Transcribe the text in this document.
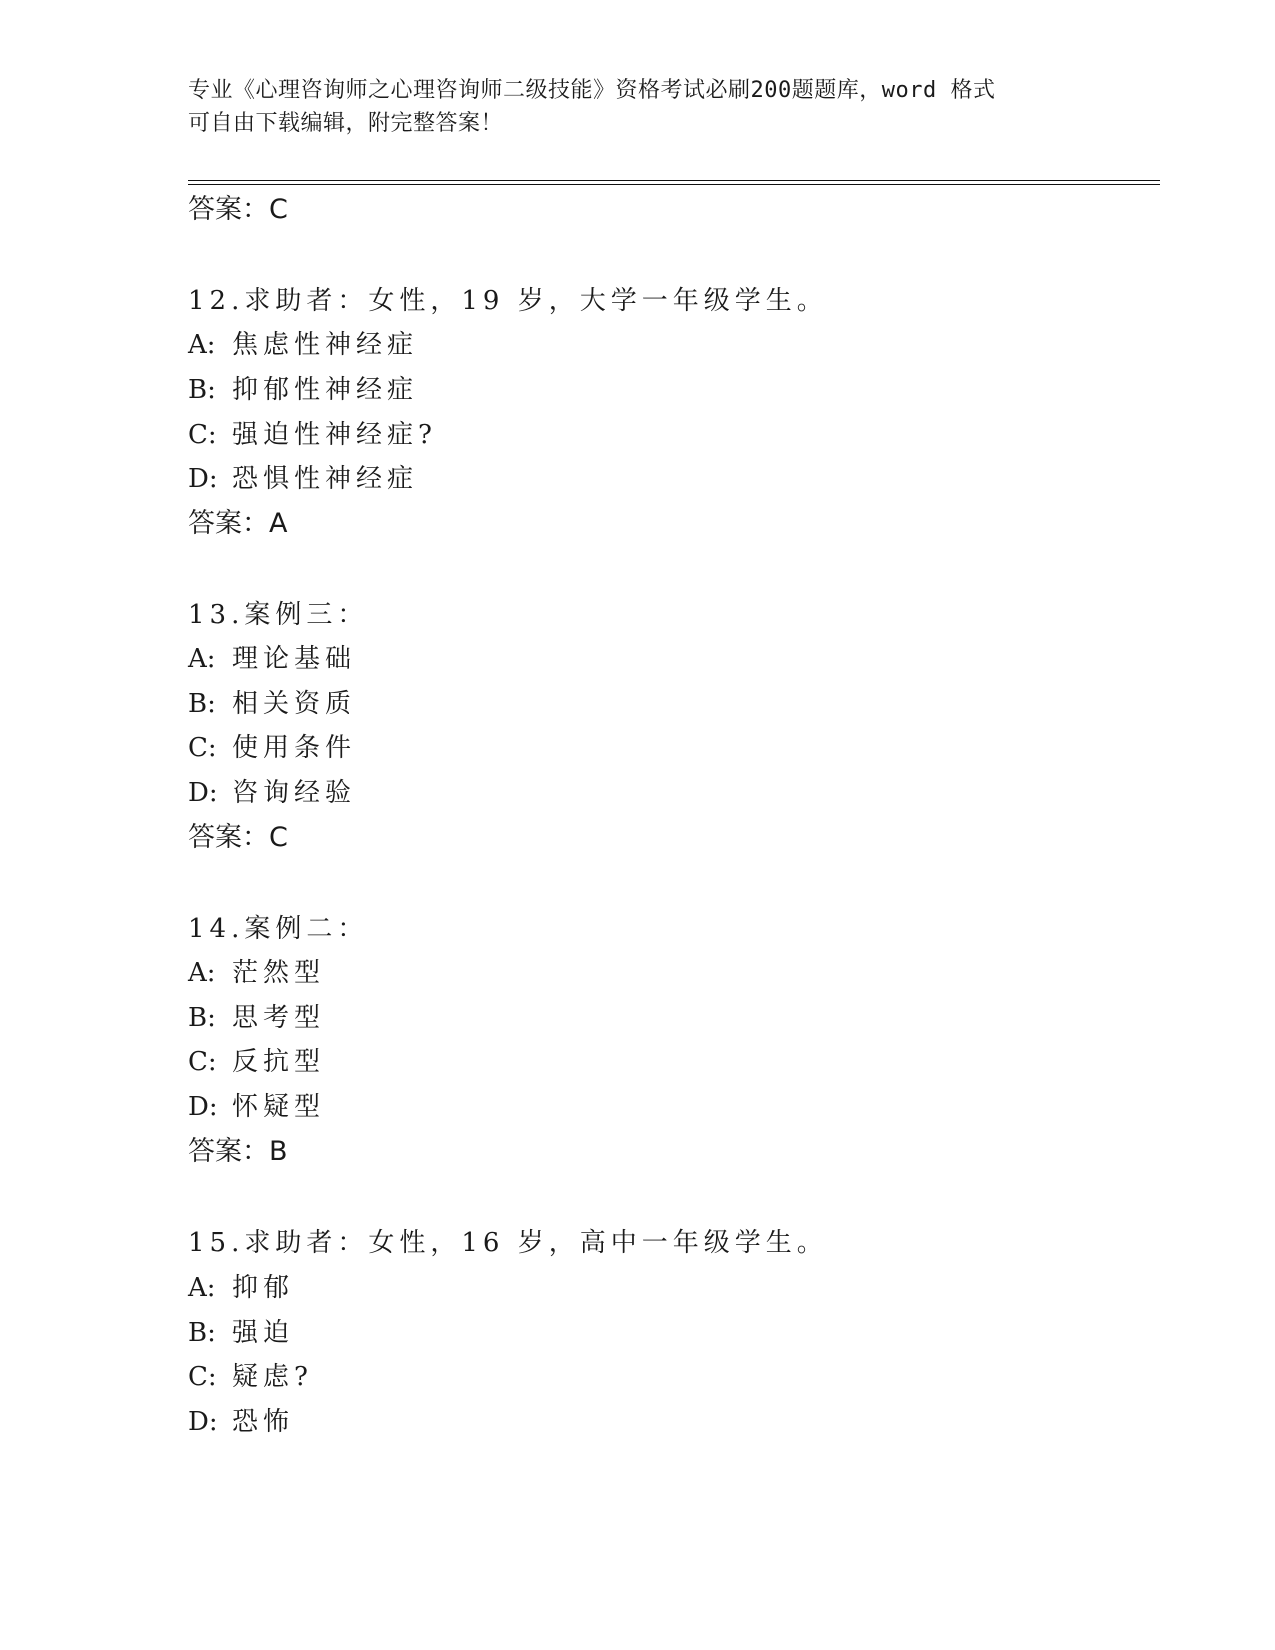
专业《心理咨询师之心理咨询师二级技能》资格考试必刷200题题库，word 格式
可自由下载编辑，附完整答案！
答案：C
12.求助者：女性，19 岁，大学一年级学生。
A: 焦虑性神经症
B: 抑郁性神经症
C: 强迫性神经症?
D: 恐惧性神经症
答案：A
13.案例三：
A: 理论基础
B: 相关资质
C: 使用条件
D: 咨询经验
答案：C
14.案例二：
A: 茫然型
B: 思考型
C: 反抗型
D: 怀疑型
答案：B
15.求助者：女性，16 岁，高中一年级学生。
A: 抑郁
B: 强迫
C: 疑虑?
D: 恐怖
